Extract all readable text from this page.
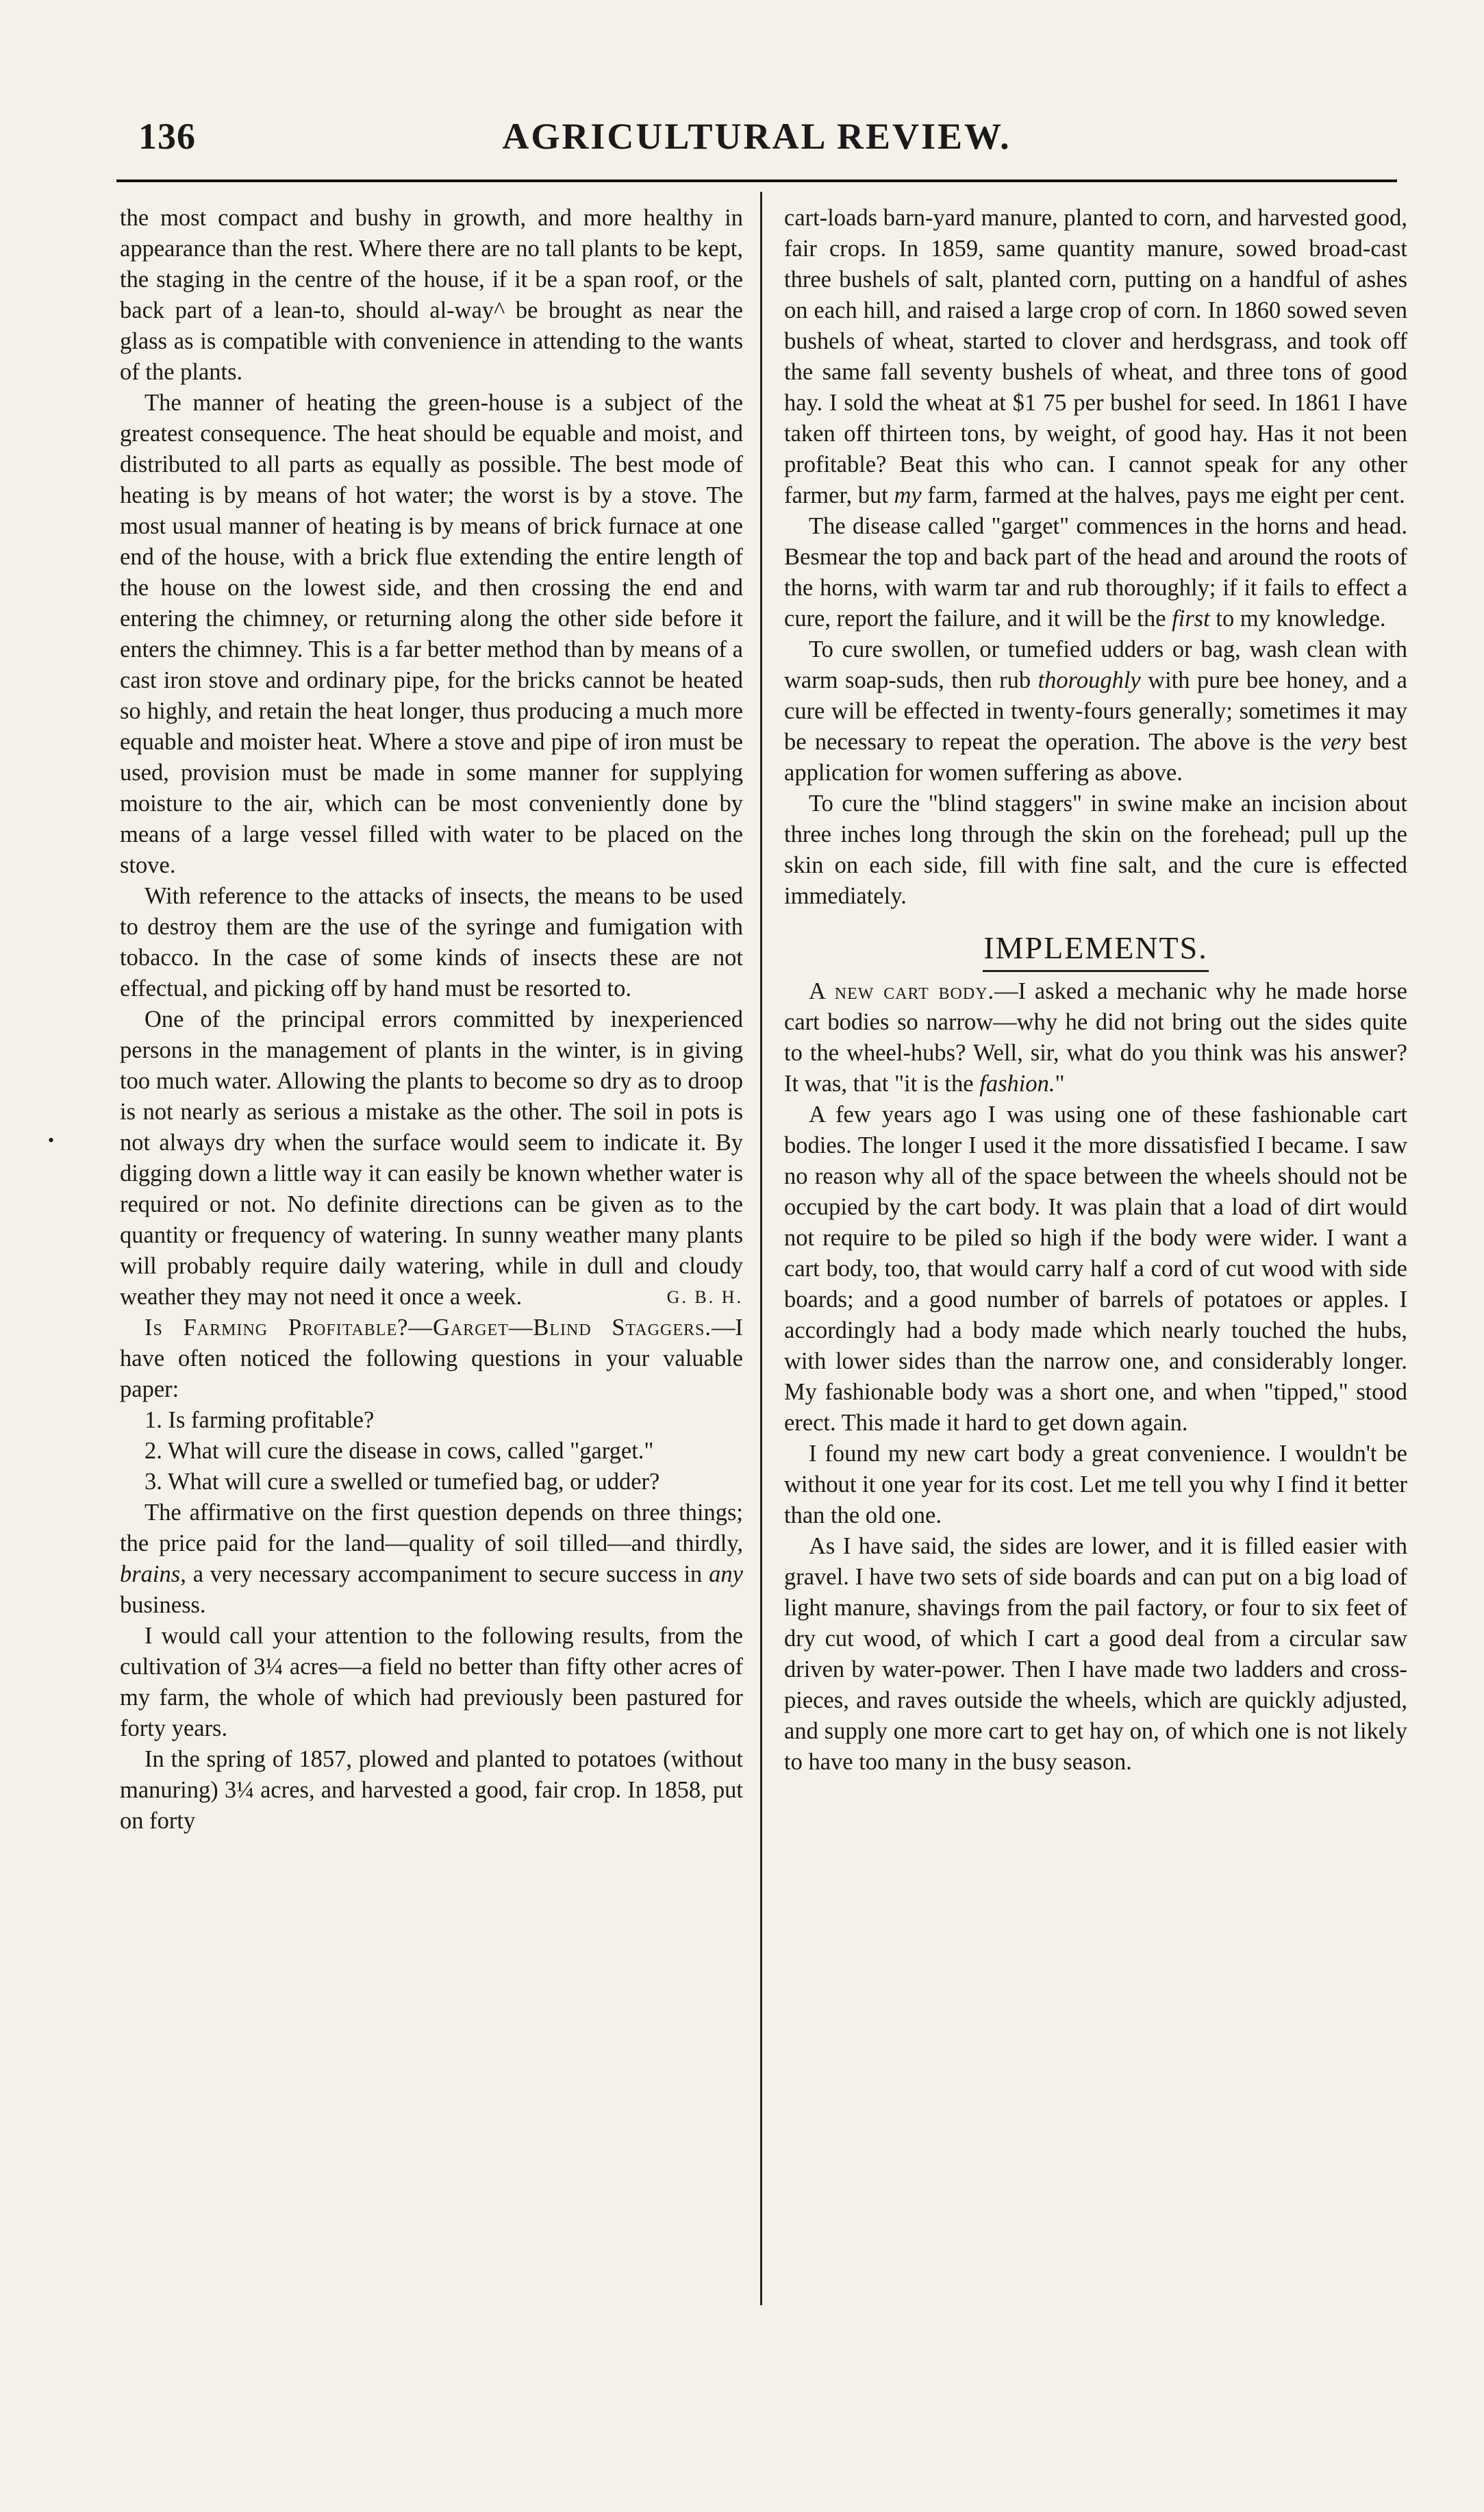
136	AGRICULTURAL REVIEW.
•

the most compact and bushy in growth, and more healthy in appearance than the rest. Where there are no tall plants to be kept, the staging in the centre of the house, if it be a span roof, or the back part of a lean-to, should al-way^ be brought as near the glass as is compatible with convenience in attending to the wants of the plants.

The manner of heating the green-house is a subject of the greatest consequence. The heat should be equable and moist, and distributed to all parts as equally as possible. The best mode of heating is by means of hot water; the worst is by a stove. The most usual manner of heating is by means of brick furnace at one end of the house, with a brick flue extending the entire length of the house on the lowest side, and then crossing the end and entering the chimney, or returning along the other side before it enters the chimney. This is a far better method than by means of a cast iron stove and ordinary pipe, for the bricks cannot be heated so highly, and retain the heat longer, thus producing a much more equable and moister heat. Where a stove and pipe of iron must be used, provision must be made in some manner for supplying moisture to the air, which can be most conveniently done by means of a large vessel filled with water to be placed on the stove.

With reference to the attacks of insects, the means to be used to destroy them are the use of the syringe and fumigation with tobacco. In the case of some kinds of insects these are not effectual, and picking off by hand must be resorted to.

One of the principal errors committed by inexperienced persons in the management of plants in the winter, is in giving too much water. Allowing the plants to become so dry as to droop is not nearly as serious a mistake as the other. The soil in pots is not always dry when the surface would seem to indicate it. By digging down a little way it can easily be known whether water is required or not. No definite directions can be given as to the quantity or frequency of watering. In sunny weather many plants will probably require daily watering, while in dull and cloudy weather they may not need it once a week.	G. B. H.

Is Farming Profitable?—Garget—Blind Staggers.—I have often noticed the following questions in your valuable paper:

1. Is farming profitable?

2. What will cure the disease in cows, called "garget."

3. What will cure a swelled or tumefied bag, or udder?

The affirmative on the first question depends on three things; the price paid for the land—quality of soil tilled—and thirdly, brains, a very necessary accompaniment to secure success in any business.

I would call your attention to the following results, from the cultivation of 3¼ acres—a field no better than fifty other acres of my farm, the whole of which had previously been pastured for forty years.

In the spring of 1857, plowed and planted to potatoes (without manuring) 3¼ acres, and harvested a good, fair crop. In 1858, put on forty

cart-loads barn-yard manure, planted to corn, and harvested good, fair crops. In 1859, same quantity manure, sowed broad-cast three bushels of salt, planted corn, putting on a handful of ashes on each hill, and raised a large crop of corn. In 1860 sowed seven bushels of wheat, started to clover and herdsgrass, and took off the same fall seventy bushels of wheat, and three tons of good hay. I sold the wheat at $1 75 per bushel for seed. In 1861 I have taken off thirteen tons, by weight, of good hay. Has it not been profitable? Beat this who can. I cannot speak for any other farmer, but my farm, farmed at the halves, pays me eight per cent.

The disease called "garget" commences in the horns and head. Besmear the top and back part of the head and around the roots of the horns, with warm tar and rub thoroughly; if it fails to effect a cure, report the failure, and it will be the first to my knowledge.

To cure swollen, or tumefied udders or bag, wash clean with warm soap-suds, then rub thoroughly with pure bee honey, and a cure will be effected in twenty-fours generally; sometimes it may be necessary to repeat the operation. The above is the very best application for women suffering as above.

To cure the "blind staggers" in swine make an incision about three inches long through the skin on the forehead; pull up the skin on each side, fill with fine salt, and the cure is effected immediately.

IMPLEMENTS.

A new cart body.—I asked a mechanic why he made horse cart bodies so narrow—why he did not bring out the sides quite to the wheel-hubs? Well, sir, what do you think was his answer? It was, that "it is the fashion."

A few years ago I was using one of these fashionable cart bodies. The longer I used it the more dissatisfied I became. I saw no reason why all of the space between the wheels should not be occupied by the cart body. It was plain that a load of dirt would not require to be piled so high if the body were wider. I want a cart body, too, that would carry half a cord of cut wood with side boards; and a good number of barrels of potatoes or apples. I accordingly had a body made which nearly touched the hubs, with lower sides than the narrow one, and considerably longer. My fashionable body was a short one, and when "tipped," stood erect. This made it hard to get down again.

I found my new cart body a great convenience. I wouldn't be without it one year for its cost. Let me tell you why I find it better than the old one.

As I have said, the sides are lower, and it is filled easier with gravel. I have two sets of side boards and can put on a big load of light manure, shavings from the pail factory, or four to six feet of dry cut wood, of which I cart a good deal from a circular saw driven by water-power. Then I have made two ladders and cross-pieces, and raves outside the wheels, which are quickly adjusted, and supply one more cart to get hay on, of which one is not likely to have too many in the busy season.
